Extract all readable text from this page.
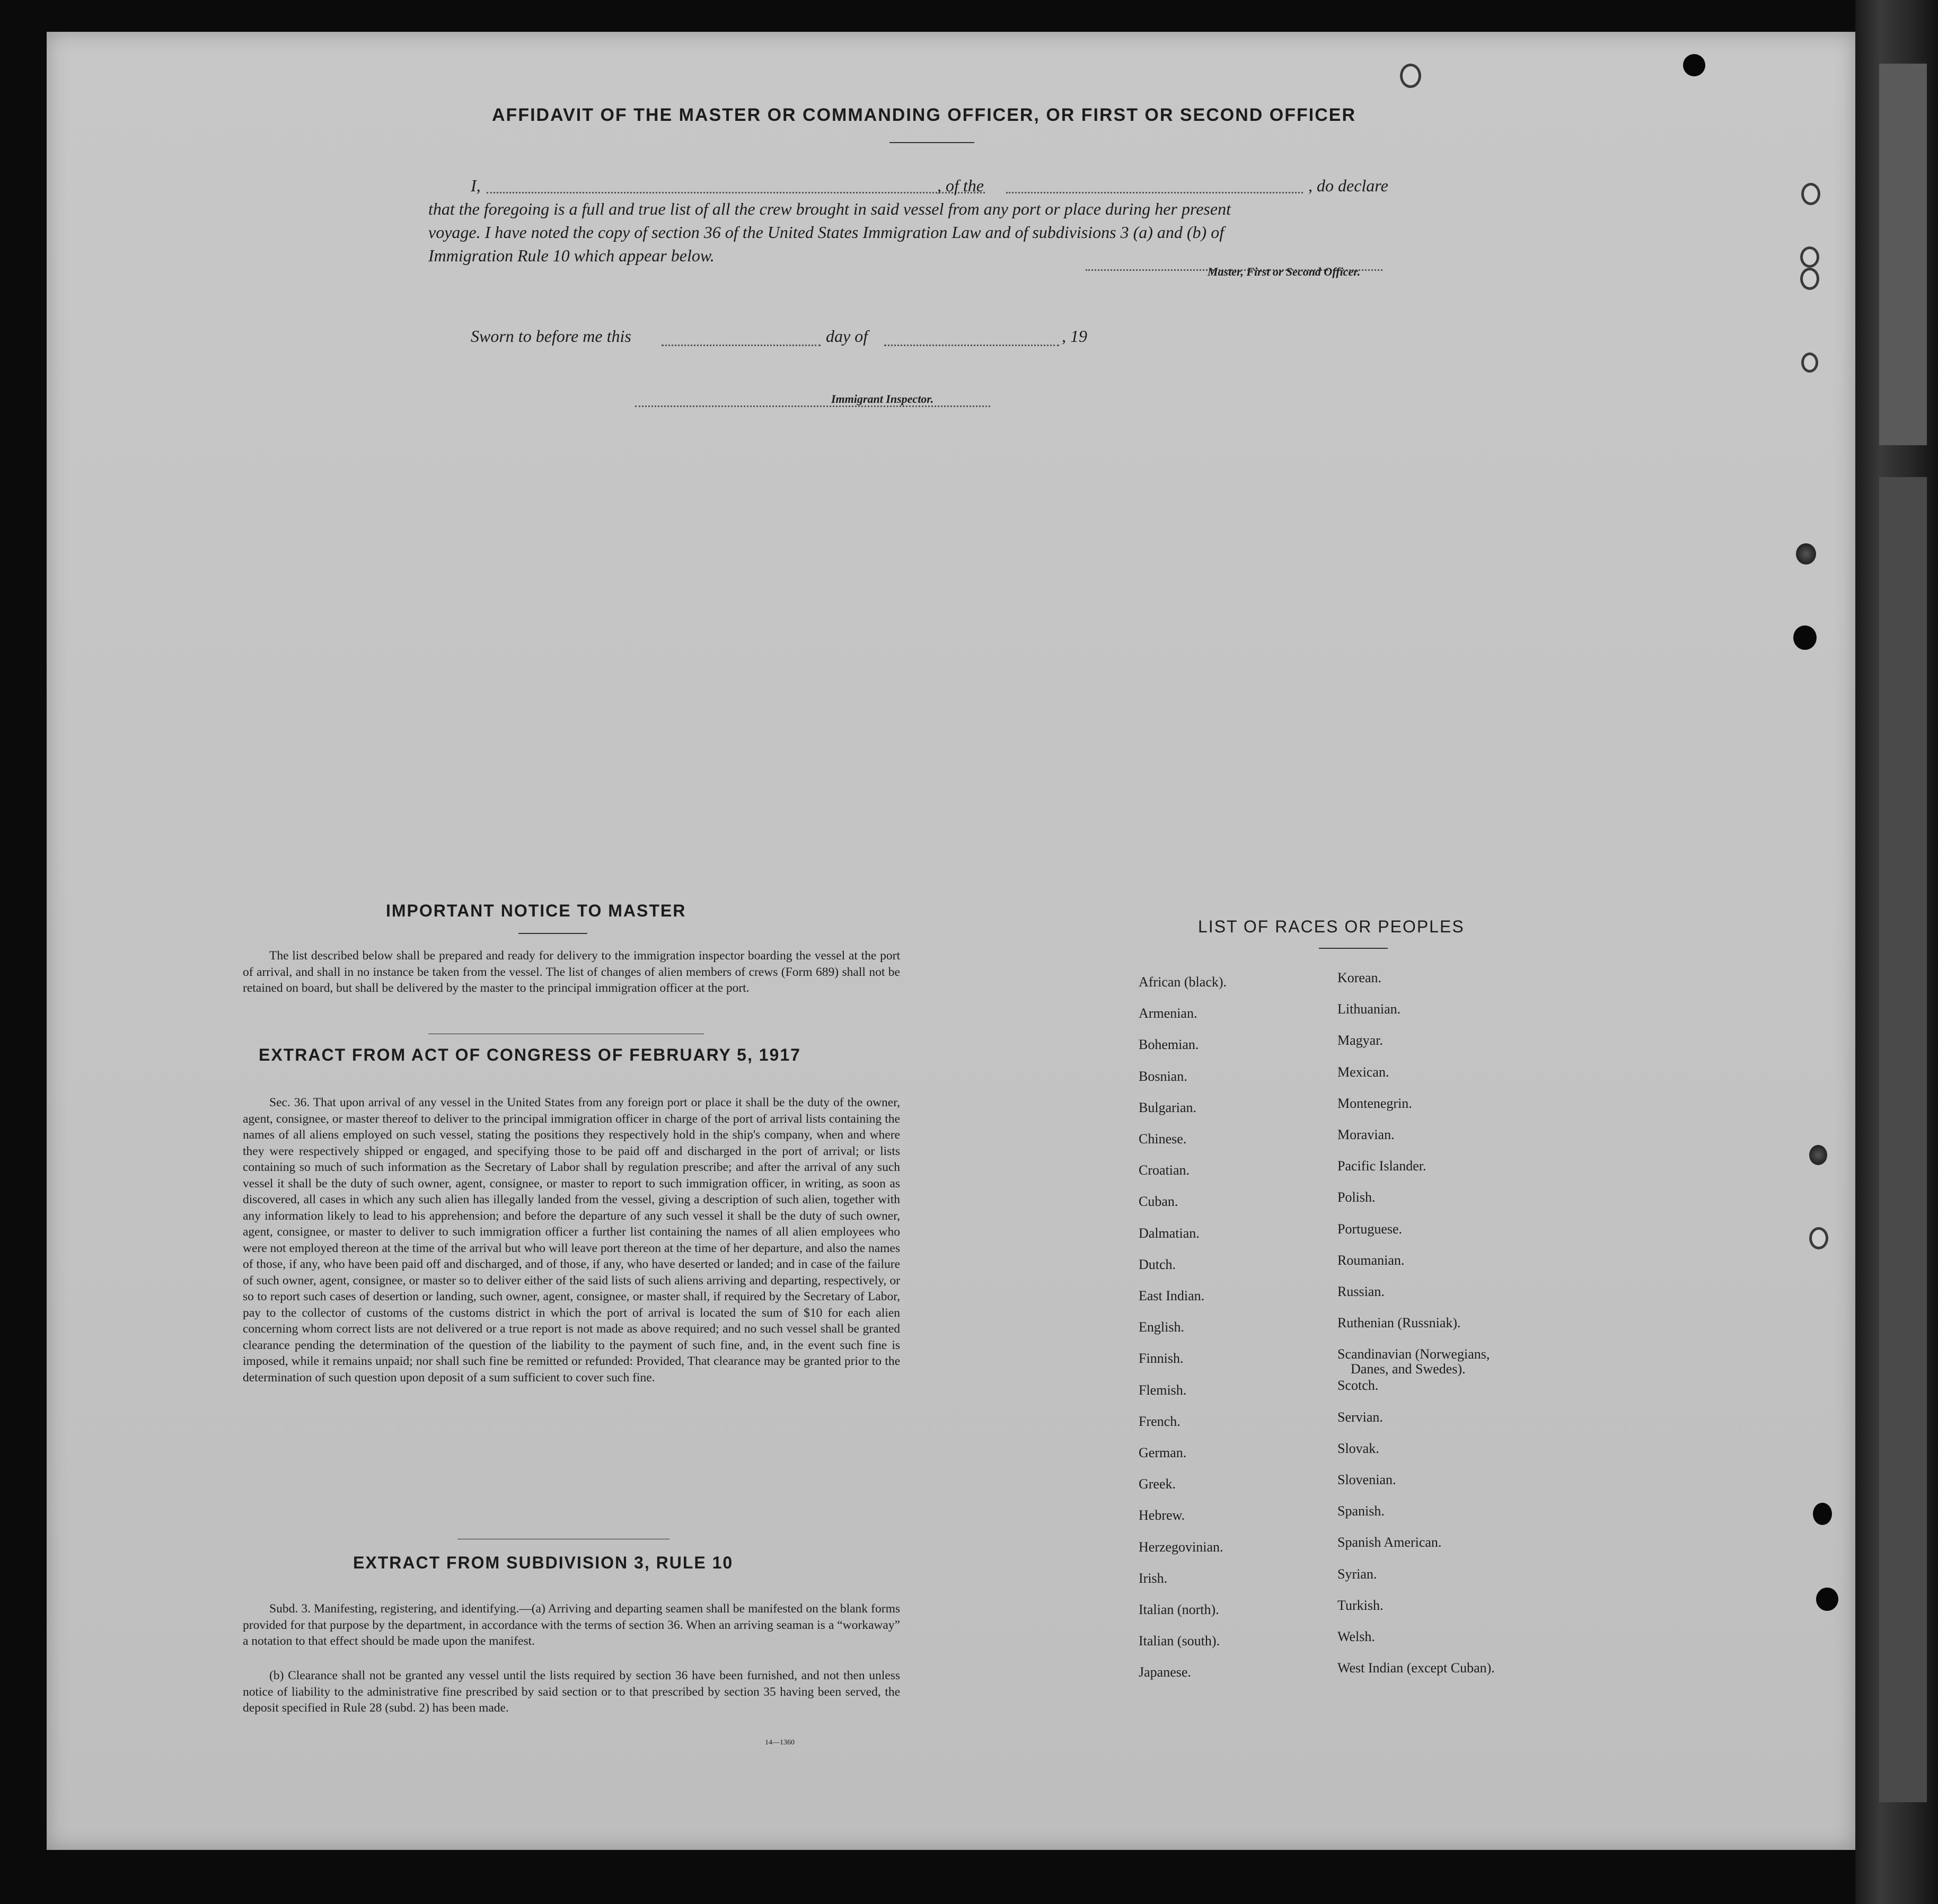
AFFIDAVIT OF THE MASTER OR COMMANDING OFFICER, OR FIRST OR SECOND OFFICER
I,	, of the	, do declare
that the foregoing is a full and true list of all the crew brought in said vessel from any port or place during her present
voyage. I have noted the copy of section 36 of the United States Immigration Law and of subdivisions 3 (a) and (b) of
Immigration Rule 10 which appear below.
Master, First or Second Officer.
Sworn to before me this	day of	, 19
Immigrant Inspector.
IMPORTANT NOTICE TO MASTER
The list described below shall be prepared and ready for delivery to the immigration inspector boarding the vessel at the port of arrival, and shall in no instance be taken from the vessel. The list of changes of alien members of crews (Form 689) shall not be retained on board, but shall be delivered by the master to the principal immigration officer at the port.
EXTRACT FROM ACT OF CONGRESS OF FEBRUARY 5, 1917
Sec. 36. That upon arrival of any vessel in the United States from any foreign port or place it shall be the duty of the owner, agent, consignee, or master thereof to deliver to the principal immigration officer in charge of the port of arrival lists containing the names of all aliens employed on such vessel, stating the positions they respectively hold in the ship's company, when and where they were respectively shipped or engaged, and specifying those to be paid off and discharged in the port of arrival; or lists containing so much of such information as the Secretary of Labor shall by regulation prescribe; and after the arrival of any such vessel it shall be the duty of such owner, agent, consignee, or master to report to such immigration officer, in writing, as soon as discovered, all cases in which any such alien has illegally landed from the vessel, giving a description of such alien, together with any information likely to lead to his apprehension; and before the departure of any such vessel it shall be the duty of such owner, agent, consignee, or master to deliver to such immigration officer a further list containing the names of all alien employees who were not employed thereon at the time of the arrival but who will leave port thereon at the time of her departure, and also the names of those, if any, who have been paid off and discharged, and of those, if any, who have deserted or landed; and in case of the failure of such owner, agent, consignee, or master so to deliver either of the said lists of such aliens arriving and departing, respectively, or so to report such cases of desertion or landing, such owner, agent, consignee, or master shall, if required by the Secretary of Labor, pay to the collector of customs of the customs district in which the port of arrival is located the sum of $10 for each alien concerning whom correct lists are not delivered or a true report is not made as above required; and no such vessel shall be granted clearance pending the determination of the question of the liability to the payment of such fine, and, in the event such fine is imposed, while it remains unpaid; nor shall such fine be remitted or refunded: Provided, That clearance may be granted prior to the determination of such question upon deposit of a sum sufficient to cover such fine.
EXTRACT FROM SUBDIVISION 3, RULE 10
Subd. 3. Manifesting, registering, and identifying.—(a) Arriving and departing seamen shall be manifested on the blank forms provided for that purpose by the department, in accordance with the terms of section 36. When an arriving seaman is a “workaway” a notation to that effect should be made upon the manifest.
(b) Clearance shall not be granted any vessel until the lists required by section 36 have been furnished, and not then unless notice of liability to the administrative fine prescribed by said section or to that prescribed by section 35 having been served, the deposit specified in Rule 28 (subd. 2) has been made.
14—1360
LIST OF RACES OR PEOPLES
African (black).
Armenian.
Bohemian.
Bosnian.
Bulgarian.
Chinese.
Croatian.
Cuban.
Dalmatian.
Dutch.
East Indian.
English.
Finnish.
Flemish.
French.
German.
Greek.
Hebrew.
Herzegovinian.
Irish.
Italian (north).
Italian (south).
Japanese.
Korean.
Lithuanian.
Magyar.
Mexican.
Montenegrin.
Moravian.
Pacific Islander.
Polish.
Portuguese.
Roumanian.
Russian.
Ruthenian (Russniak).
Scandinavian (Norwegians,
Danes, and Swedes).
Scotch.
Servian.
Slovak.
Slovenian.
Spanish.
Spanish American.
Syrian.
Turkish.
Welsh.
West Indian (except Cuban).
